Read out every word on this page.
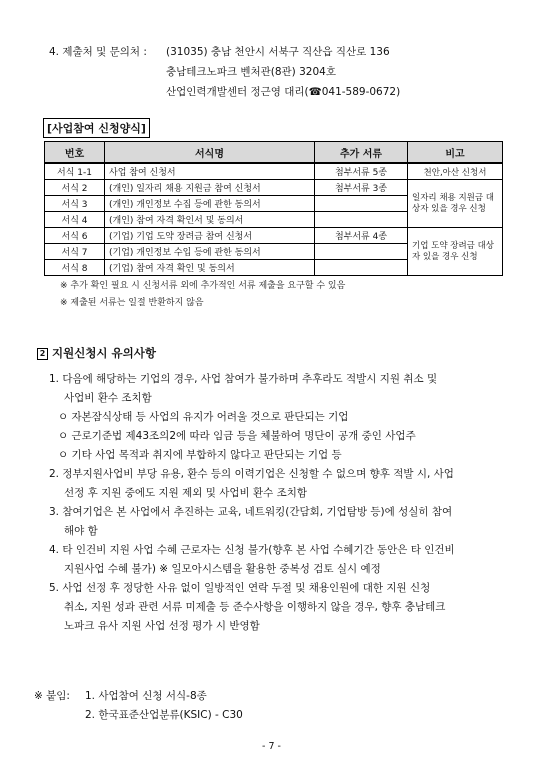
4. 제출처 및 문의처 : (31035) 충남 천안시 서북구 직산읍 직산로 136
충남테크노파크 벤처관(8관) 3204호
산업인력개발센터 정근영 대리(☎041-589-0672)
[사업참여 신청양식]
번호	서식명	추가 서류	비고
서식 1-1	사업 참여 신청서	첨부서류 5종	천안,아산 신청서
서식 2	(개인) 일자리 채용 지원금 참여 신청서	첨부서류 3종	일자리 채용 지원금 대상자 있을 경우 신청
서식 3	(개인) 개인정보 수집 등에 관한 동의서		
서식 4	(개인) 참여 자격 확인서 및 동의서		
서식 6	(기업) 기업 도약 장려금 참여 신청서	첨부서류 4종	기업 도약 장려금 대상자 있을 경우 신청
서식 7	(기업) 개인정보 수입 등에 관한 동의서		
서식 8	(기업) 참여 자격 확인 및 동의서		
※ 추가 확인 필요 시 신청서류 외에 추가적인 서류 제출을 요구할 수 있음
※ 제출된 서류는 일절 반환하지 않음
2 지원신청시 유의사항
1. 다음에 해당하는 기업의 경우, 사업 참여가 불가하며 추후라도 적발시 지원 취소 및
사업비 환수 조치함
ㅇ 자본잠식상태 등 사업의 유지가 어려울 것으로 판단되는 기업
ㅇ 근로기준법 제43조의2에 따라 임금 등을 체불하여 명단이 공개 중인 사업주
ㅇ 기타 사업 목적과 취지에 부합하지 않다고 판단되는 기업 등
2. 정부지원사업비 부당 유용, 환수 등의 이력기업은 신청할 수 없으며 향후 적발 시, 사업
선정 후 지원 중에도 지원 제외 및 사업비 환수 조치함
3. 참여기업은 본 사업에서 추진하는 교육, 네트워킹(간담회, 기업탐방 등)에 성실히 참여
해야 함
4. 타 인건비 지원 사업 수혜 근로자는 신청 불가(향후 본 사업 수혜기간 동안은 타 인건비
지원사업 수혜 불가) ※ 일모아시스템을 활용한 중복성 검토 실시 예정
5. 사업 선정 후 정당한 사유 없이 일방적인 연락 두절 및 채용인원에 대한 지원 신청
취소, 지원 성과 관련 서류 미제출 등 준수사항을 이행하지 않을 경우, 향후 충남테크
노파크 유사 지원 사업 선정 평가 시 반영함
※ 붙임: 1. 사업참여 신청 서식-8종
2. 한국표준산업분류(KSIC) - C30
- 7 -
